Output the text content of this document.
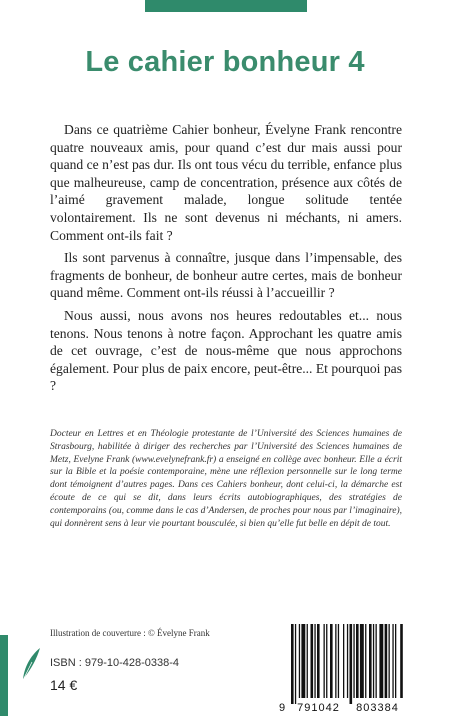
Le cahier bonheur 4

Dans ce quatrième Cahier bonheur, Évelyne Frank rencontre quatre nouveaux amis, pour quand c’est dur mais aussi pour quand ce n’est pas dur. Ils ont tous vécu du terrible, enfance plus que malheureuse, camp de concentration, présence aux côtés de l’aimé gravement malade, longue solitude tentée volontairement. Ils ne sont devenus ni méchants, ni amers. Comment ont-ils fait ?

Ils sont parvenus à connaître, jusque dans l’impensable, des fragments de bonheur, de bonheur autre certes, mais de bonheur quand même. Comment ont-ils réussi à l’accueillir ?

Nous aussi, nous avons nos heures redoutables et... nous tenons. Nous tenons à notre façon. Approchant les quatre amis de cet ouvrage, c’est de nous-même que nous approchons également. Pour plus de paix encore, peut-être... Et pourquoi pas ?

Docteur en Lettres et en Théologie protestante de l’Université des Sciences humaines de Strasbourg, habilitée à diriger des recherches par l’Université des Sciences humaines de Metz, Evelyne Frank (www.evelynefrank.fr) a enseigné en collège avec bonheur. Elle a écrit sur la Bible et la poésie contemporaine, mène une réflexion personnelle sur le long terme dont témoignent d’autres pages. Dans ces Cahiers bonheur, dont celui-ci, la démarche est écoute de ce qui se dit, dans leurs écrits autobiographiques, des stratégies de contemporains (ou, comme dans le cas d’Andersen, de proches pour nous par l’imaginaire), qui donnèrent sens à leur vie pourtant bousculée, si bien qu’elle fut belle en dépit de tout.
Illustration de couverture : © Évelyne Frank
ISBN : 979-10-428-0338-4
14 €
9	791042	803384
